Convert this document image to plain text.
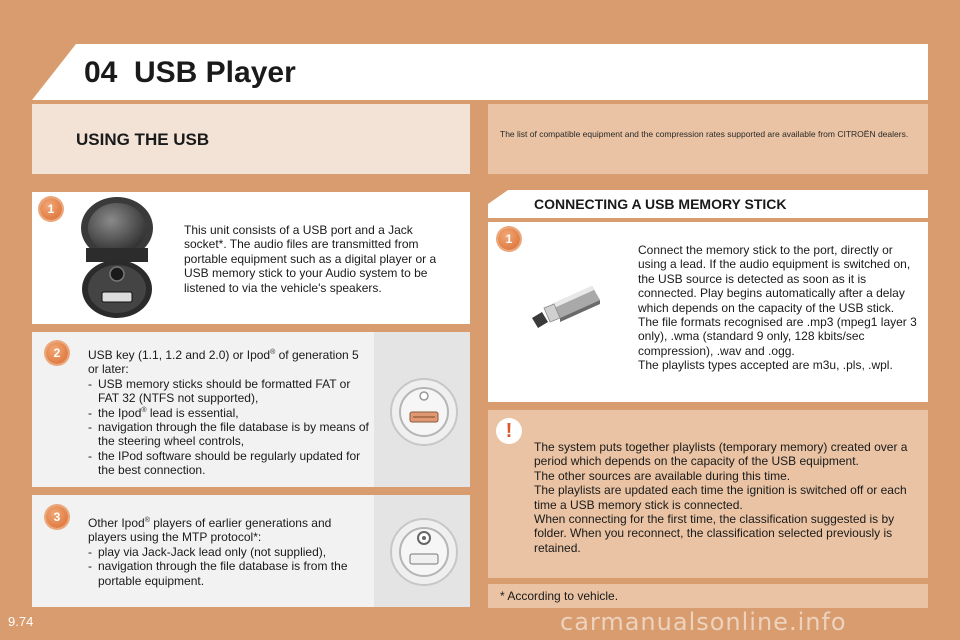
04 USB Player
USING THE USB	The list of compatible equipment and the compression rates supported are available from CITROËN dealers.
1
This unit consists of a USB port and a Jack socket*. The audio files are transmitted from portable equipment such as a digital player or a USB memory stick to your Audio system to be listened to via the vehicle's speakers.
2	USB key (1.1, 1.2 and 2.0) or Ipod® of generation 5 or later:
- USB memory sticks should be formatted FAT or FAT 32 (NTFS not supported),
- the Ipod® lead is essential,
- navigation through the file database is by means of the steering wheel controls,
- the IPod software should be regularly updated for the best connection.
3	Other Ipod® players of earlier generations and players using the MTP protocol*:
- play via Jack-Jack lead only (not supplied),
- navigation through the file database is from the portable equipment.
CONNECTING A USB MEMORY STICK
1
Connect the memory stick to the port, directly or using a lead. If the audio equipment is switched on, the USB source is detected as soon as it is connected. Play begins automatically after a delay which depends on the capacity of the USB stick.
The file formats recognised are .mp3 (mpeg1 layer 3 only), .wma (standard 9 only, 128 kbits/sec compression), .wav and .ogg.
The playlists types accepted are m3u, .pls, .wpl.
!
The system puts together playlists (temporary memory) created over a period which depends on the capacity of the USB equipment.
The other sources are available during this time.
The playlists are updated each time the ignition is switched off or each time a USB memory stick is connected.
When connecting for the first time, the classification suggested is by folder. When you reconnect, the classification selected previously is retained.
* According to vehicle.
9.74	carmanualsonline.info
